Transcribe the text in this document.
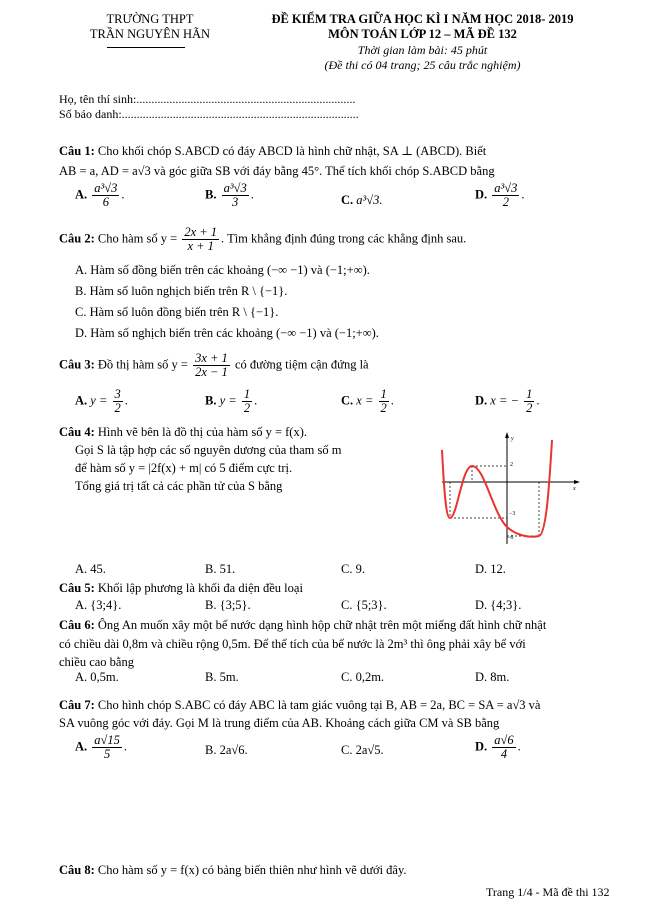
TRƯỜNG THPT
TRẦN NGUYÊN HÃN
ĐỀ KIỂM TRA GIỮA HỌC KÌ I NĂM HỌC 2018- 2019
MÔN TOÁN LỚP 12 – MÃ ĐỀ 132
Thời gian làm bài: 45 phút
(Đề thi có 04 trang; 25 câu trắc nghiệm)
Họ, tên thí sinh:.........................................................................
Số báo danh:...............................................................................
Câu 1: Cho khối chóp S.ABCD có đáy ABCD là hình chữ nhật, SA ⊥ (ABCD). Biết
AB = a, AD = a√3 và góc giữa SB với đáy bằng 45°. Thể tích khối chóp S.ABCD bằng
A. $\frac{\text{a³√3}}{6}$ .	B. $\frac{\text{a³√3}}{3}$ .	C. a³√3.	D. $\frac{\text{a³√3}}{2}$ .
Câu 2: Cho hàm số $y = \frac{2x + 1}{x + 1}$ . Tìm khẳng định đúng trong các khẳng định sau.
A. Hàm số đồng biến trên các khoảng (−∞ −1) và (−1;+∞).
B. Hàm số luôn nghịch biến trên R \ {−1}.
C. Hàm số luôn đồng biến trên R \ {−1}.
D. Hàm số nghịch biến trên các khoảng (−∞ −1) và (−1;+∞).
Câu 3: Đồ thị hàm số $y = \frac{3x + 1}{2x - 1}$ có đường tiệm cận đứng là
A. $y = \frac{3}{2}$ .	B. $y = \frac{1}{2}$ .	C. $x = \frac{1}{2}$ .	D. x = − $\frac{1}{2}$ .
Câu 4: Hình vẽ bên là đồ thị của hàm số y = f(x).
Gọi S là tập hợp các số nguyên dương của tham số m
để hàm số y = |2f(x) + m| có 5 điểm cực trị.
Tổng giá trị tất cả các phần tử của S bằng
y
x
2
−3
−6
A. 45.	B. 51.	C. 9.	D. 12.
Câu 5: Khối lập phương là khối đa diện đều loại
A. {3;4}.	B. {3;5}.	C. {5;3}.	D. {4;3}.
Câu 6: Ông An muốn xây một bể nước dạng hình hộp chữ nhật trên một miếng đất hình chữ nhật
có chiều dài 0,8m và chiều rộng 0,5m. Để thể tích của bể nước là 2m³ thì ông phải xây bể với
chiều cao bằng
A. 0,5m.	B. 5m.	C. 0,2m.	D. 8m.
Câu 7: Cho hình chóp S.ABC có đáy ABC là tam giác vuông tại B, AB = 2a, BC = SA = a√3 và
SA vuông góc với đáy. Gọi M là trung điểm của AB. Khoảng cách giữa CM và SB bằng
A. $\frac{a√15}{5}$ .	B. 2a√6.	C. 2a√5.	D. $\frac{a√6}{4}$ .
Câu 8: Cho hàm số y = f(x) có bảng biến thiên như hình vẽ dưới đây.
Trang 1/4 - Mã đề thi 132
